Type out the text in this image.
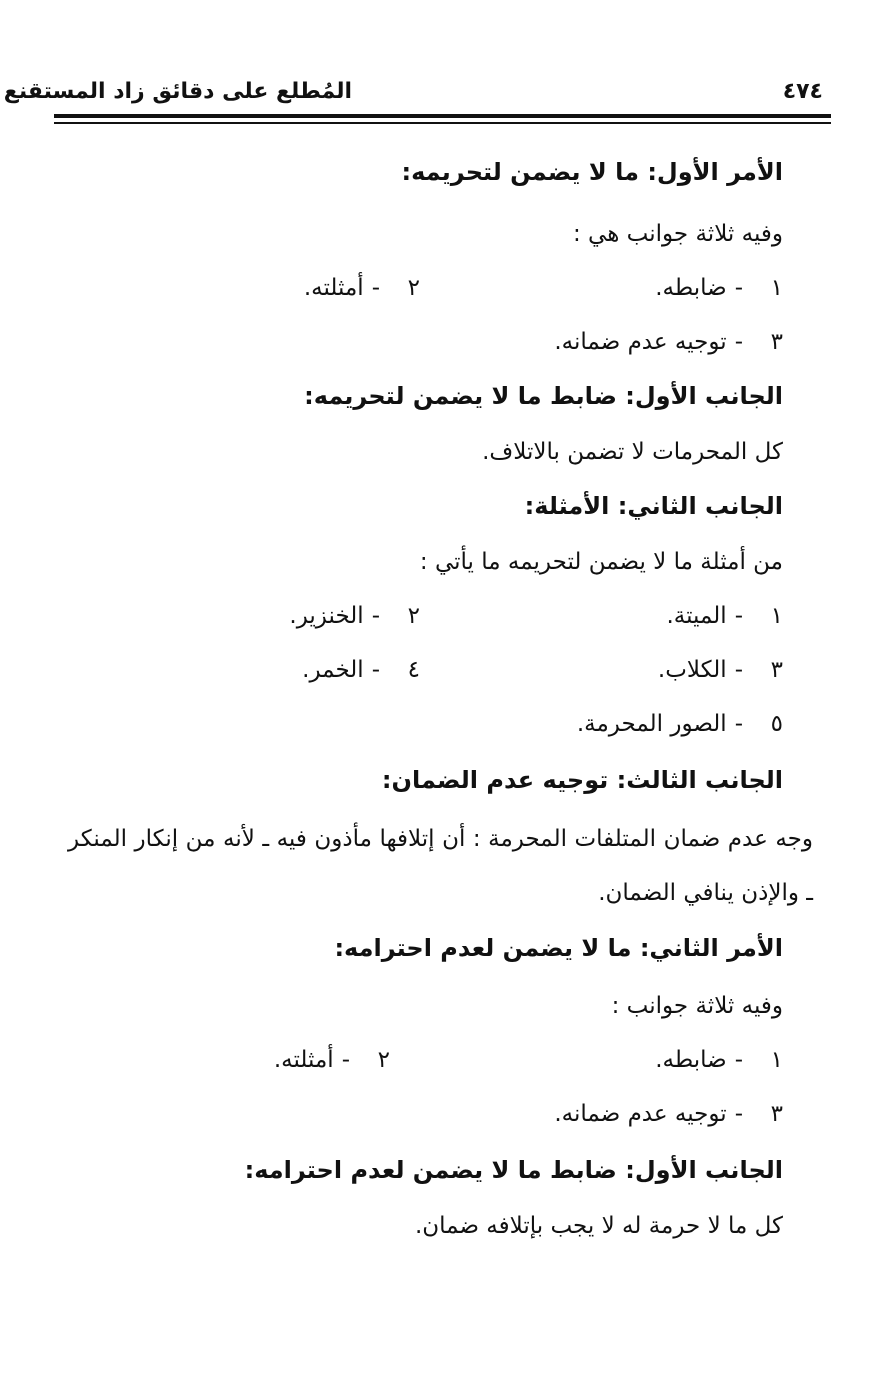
٤٧٤
المُطلع على دقائق زاد المستقنع
الأمر الأول: ما لا يضمن لتحريمه:
وفيه ثلاثة جوانب هي :
١-ضابطه.
٢-أمثلته.
٣-توجيه عدم ضمانه.
الجانب الأول: ضابط ما لا يضمن لتحريمه:
كل المحرمات لا تضمن بالاتلاف.
الجانب الثاني: الأمثلة:
من أمثلة ما لا يضمن لتحريمه ما يأتي :
١-الميتة.
٢-الخنزير.
٣-الكلاب.
٤-الخمر.
٥-الصور المحرمة.
الجانب الثالث: توجيه عدم الضمان:
وجه عدم ضمان المتلفات المحرمة : أن إتلافها مأذون فيه ـ لأنه من إنكار المنكر ـ والإذن ينافي الضمان.
الأمر الثاني: ما لا يضمن لعدم احترامه:
وفيه ثلاثة جوانب :
١-ضابطه.
٢-أمثلته.
٣-توجيه عدم ضمانه.
الجانب الأول: ضابط ما لا يضمن لعدم احترامه:
كل ما لا حرمة له لا يجب بإتلافه ضمان.
